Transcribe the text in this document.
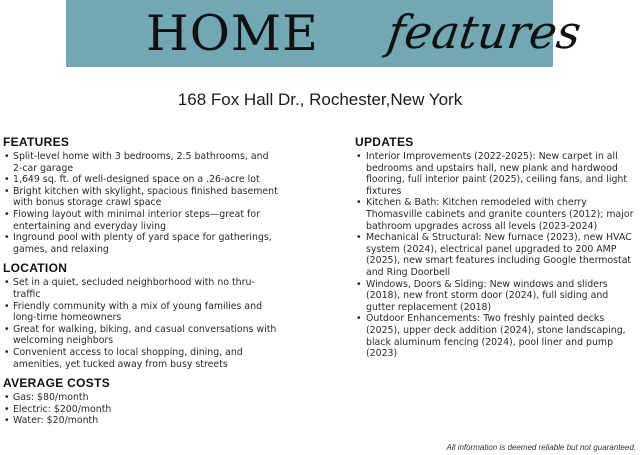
HOME features
168 Fox Hall Dr., Rochester,New York
FEATURES
• Split-level home with 3 bedrooms, 2.5 bathrooms, and 2-car garage
• 1,649 sq. ft. of well-designed space on a .26-acre lot
• Bright kitchen with skylight, spacious finished basement with bonus storage crawl space
• Flowing layout with minimal interior steps—great for entertaining and everyday living
• Inground pool with plenty of yard space for gatherings, games, and relaxing
LOCATION
• Set in a quiet, secluded neighborhood with no thru-traffic
• Friendly community with a mix of young families and long-time homeowners
• Great for walking, biking, and casual conversations with welcoming neighbors
• Convenient access to local shopping, dining, and amenities, yet tucked away from busy streets
AVERAGE COSTS
• Gas: $80/month
• Electric: $200/month
• Water: $20/month
UPDATES
• Interior Improvements (2022-2025): New carpet in all bedrooms and upstairs hall, new plank and hardwood flooring, full interior paint (2025), ceiling fans, and light fixtures
• Kitchen & Bath: Kitchen remodeled with cherry Thomasville cabinets and granite counters (2012); major bathroom upgrades across all levels (2023-2024)
• Mechanical & Structural: New furnace (2023), new HVAC system (2024), electrical panel upgraded to 200 AMP (2025), new smart features including Google thermostat and Ring Doorbell
• Windows, Doors & Siding: New windows and sliders (2018), new front storm door (2024), full siding and gutter replacement (2018)
• Outdoor Enhancements: Two freshly painted decks (2025), upper deck addition (2024), stone landscaping, black aluminum fencing (2024), pool liner and pump (2023)
All information is deemed reliable but not guaranteed.
